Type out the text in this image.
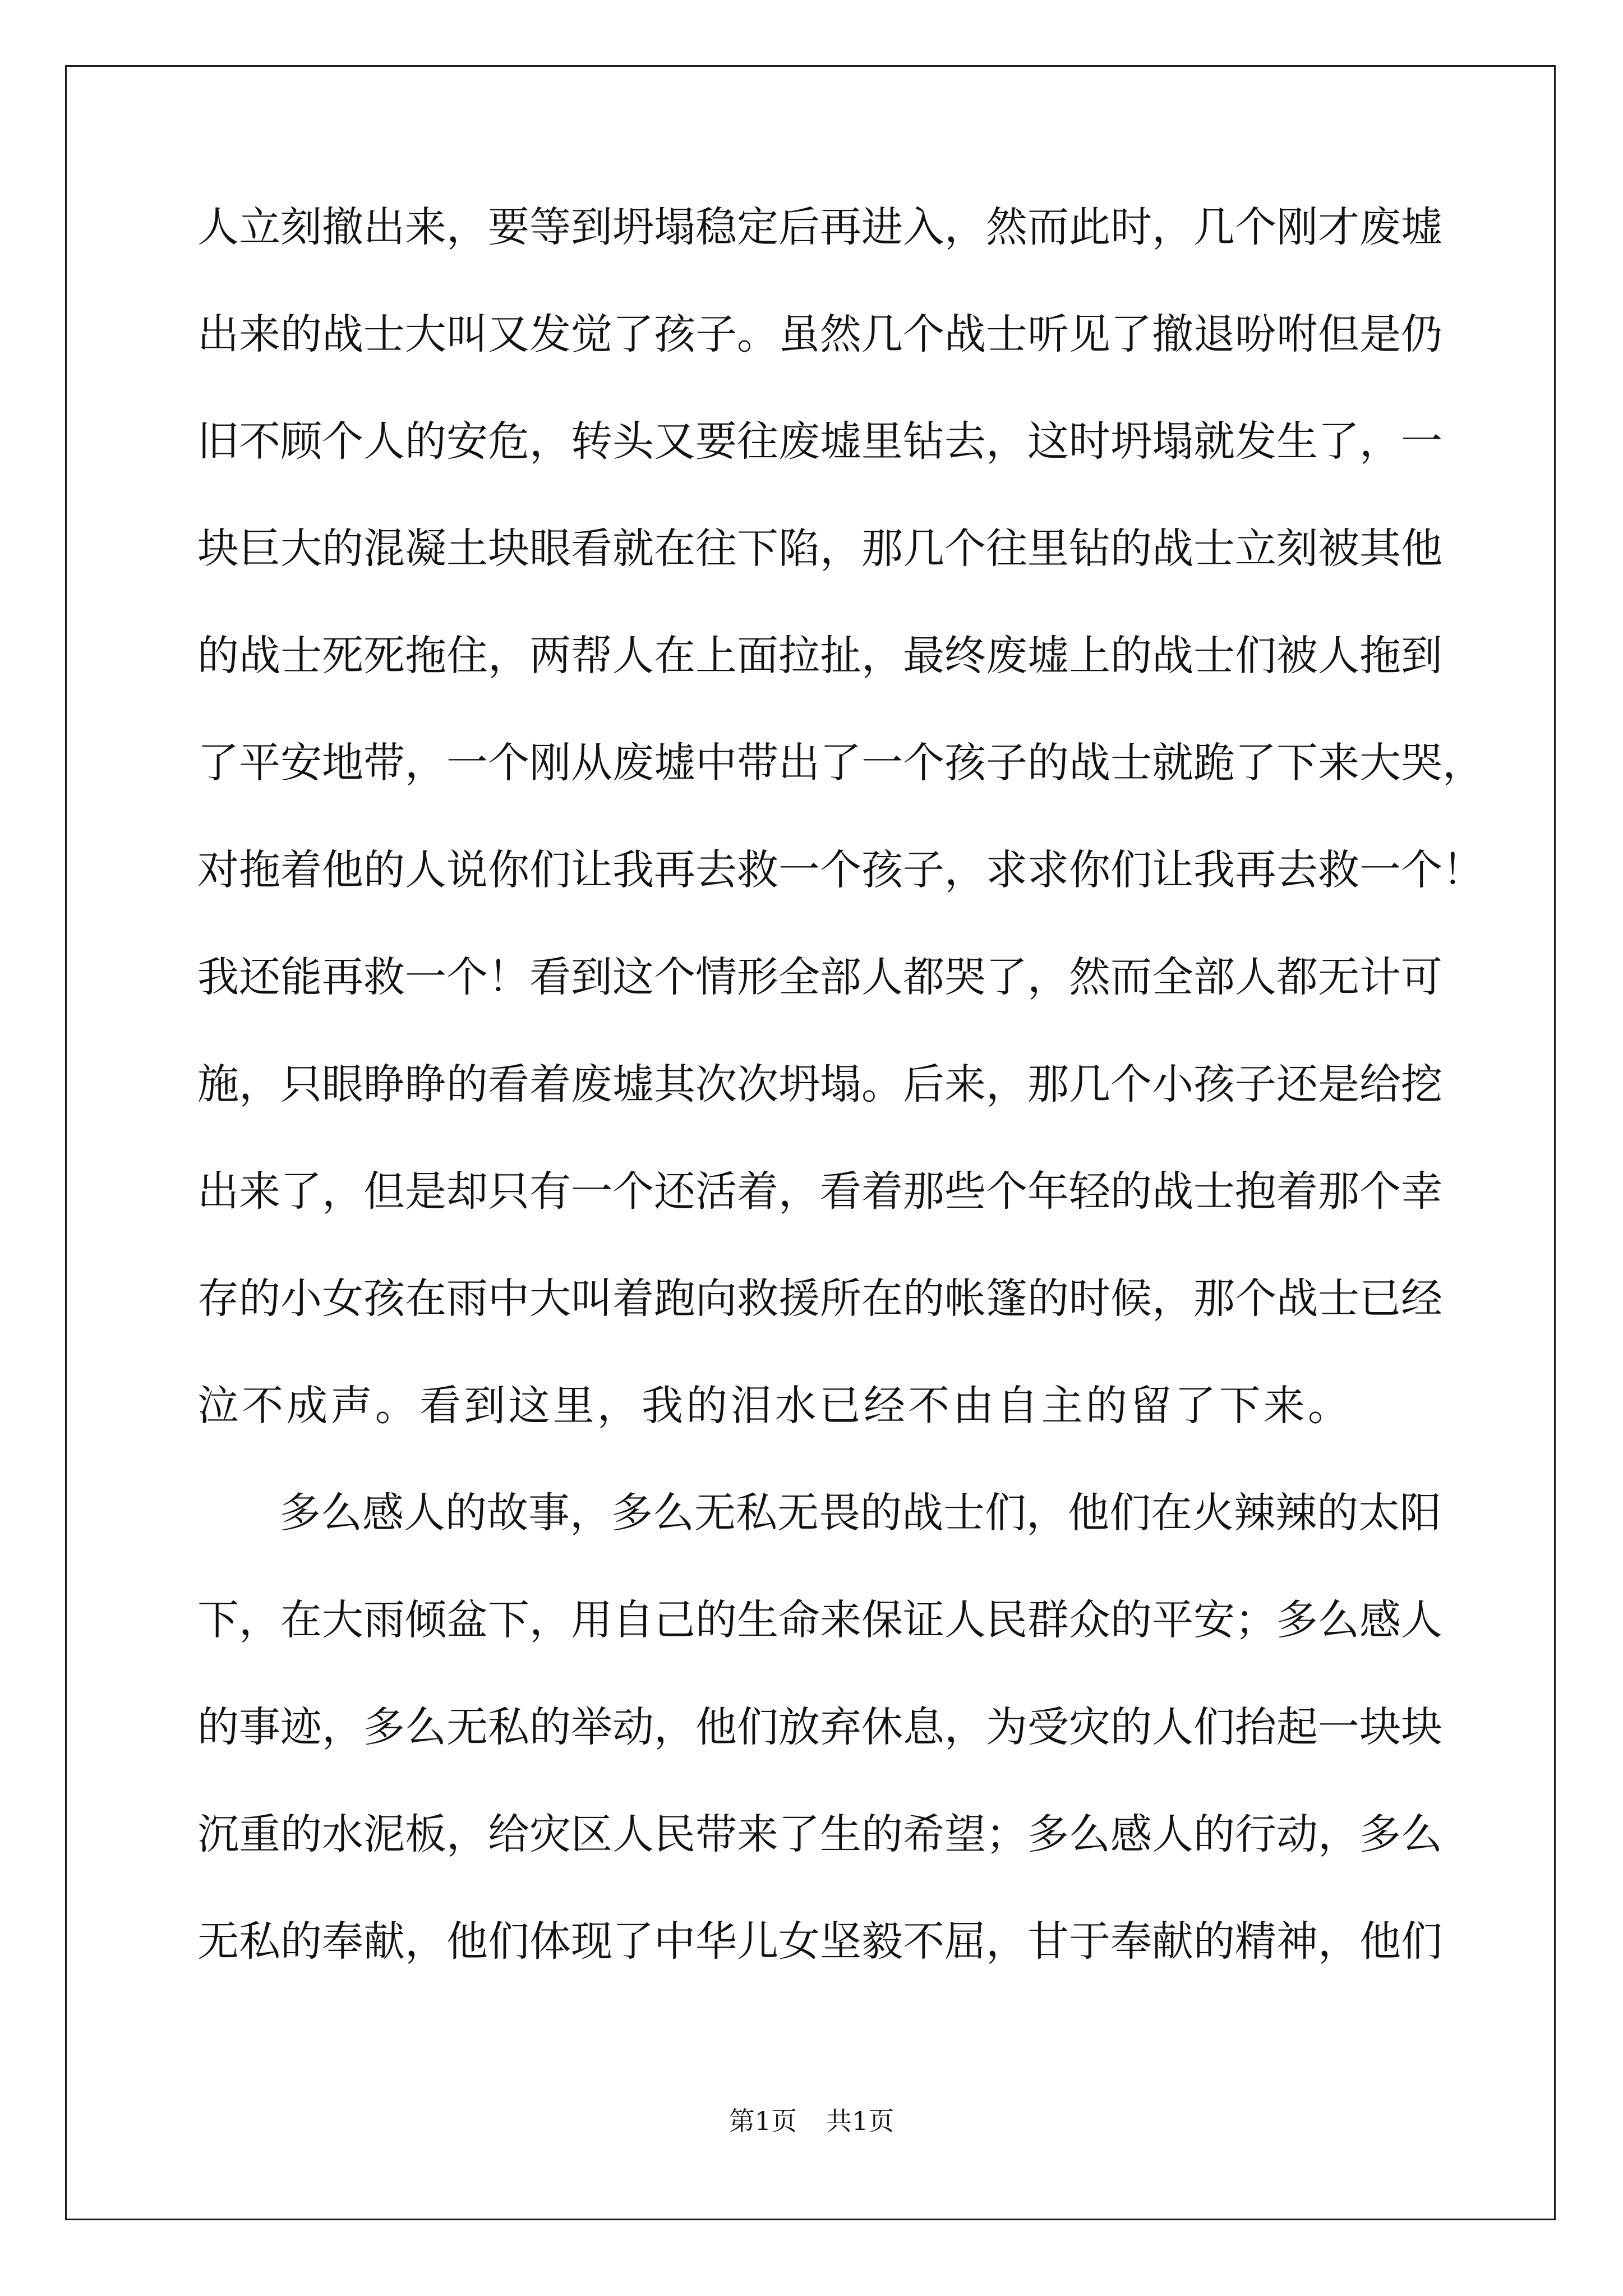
人立刻撤出来，要等到坍塌稳定后再进入，然而此时，几个刚才废墟
出来的战士大叫又发觉了孩子。虽然几个战士听见了撤退吩咐但是仍
旧不顾个人的安危，转头又要往废墟里钻去，这时坍塌就发生了，一
块巨大的混凝土块眼看就在往下陷，那几个往里钻的战士立刻被其他
的战士死死拖住，两帮人在上面拉扯，最终废墟上的战士们被人拖到
了平安地带，一个刚从废墟中带出了一个孩子的战士就跪了下来大哭，
对拖着他的人说你们让我再去救一个孩子，求求你们让我再去救一个！
我还能再救一个！看到这个情形全部人都哭了，然而全部人都无计可
施，只眼睁睁的看着废墟其次次坍塌。后来，那几个小孩子还是给挖
出来了，但是却只有一个还活着，看着那些个年轻的战士抱着那个幸
存的小女孩在雨中大叫着跑向救援所在的帐篷的时候，那个战士已经
泣不成声。看到这里，我的泪水已经不由自主的留了下来。
多么感人的故事，多么无私无畏的战士们，他们在火辣辣的太阳
下，在大雨倾盆下，用自己的生命来保证人民群众的平安；多么感人
的事迹，多么无私的举动，他们放弃休息，为受灾的人们抬起一块块
沉重的水泥板，给灾区人民带来了生的希望；多么感人的行动，多么
无私的奉献，他们体现了中华儿女坚毅不屈，甘于奉献的精神，他们
第1页 共1页
